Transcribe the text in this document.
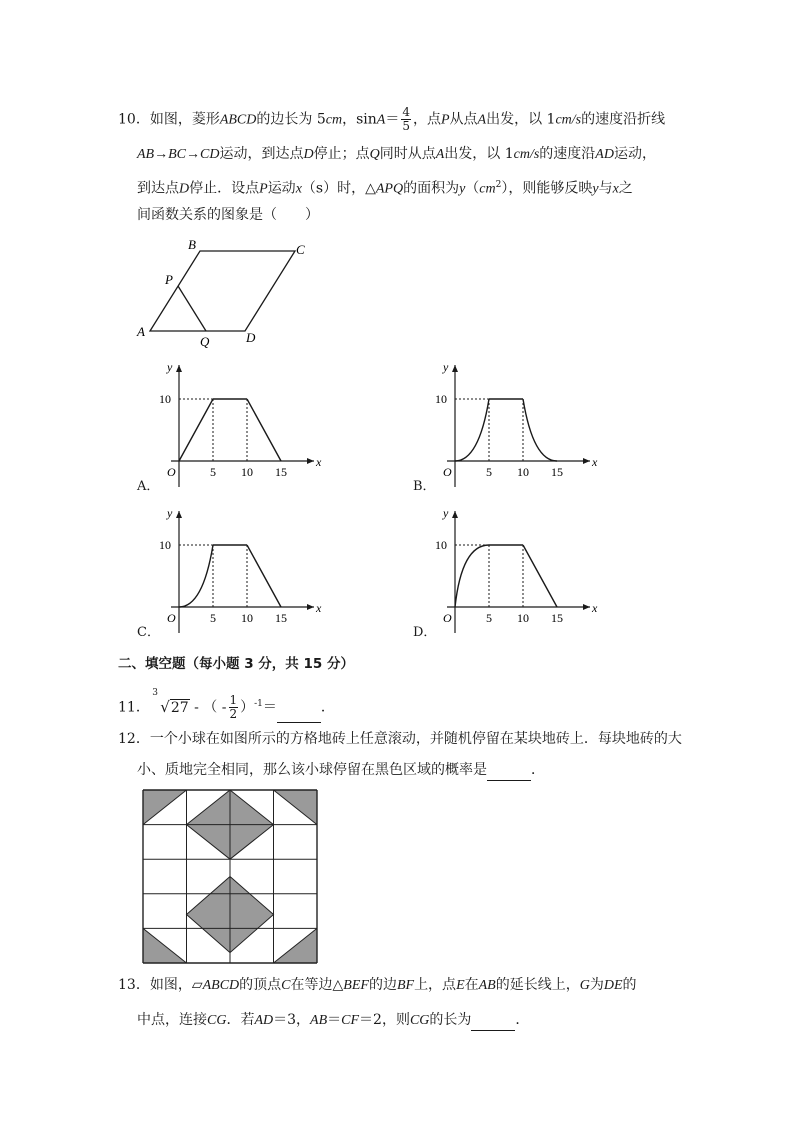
10．如图，菱形ABCD的边长为 5cm，$\sin A= \frac{4}{5}$ ，点P从点A出发，以 1cm/s的速度沿折线
AB→BC→CD运动，到达点D停止；点Q同时从点A出发，以 1cm/s的速度沿AD运动，
到达点D停止．设点P运动x（s）时，△APQ的面积为$y(cm^2)$，则能够反映y与x之
间函数关系的图象是（　　）
B	C
P
A
Q	D
y
x
O
10
5 10 15
y
x
O
10
5 10 15
y
x
O
10
5 10 15
y
x
O
10
5 10 15
A．	B．
C．	D．
二、填空题（每小题 3 分，共 15 分）
11．
3
√27 - （ - $\frac{1}{2} )^{-1}=$	．
12．一个小球在如图所示的方格地砖上任意滚动，并随机停留在某块地砖上．每块地砖的大
小、质地完全相同，那么该小球停留在黑色区域的概率是	．
13．如图，▱ABCD的顶点C在等边△BEF的边BF上，点E在AB的延长线上，G为DE的
中点，连接CG．若AD＝3，AB＝CF＝2，则CG的长为	．
